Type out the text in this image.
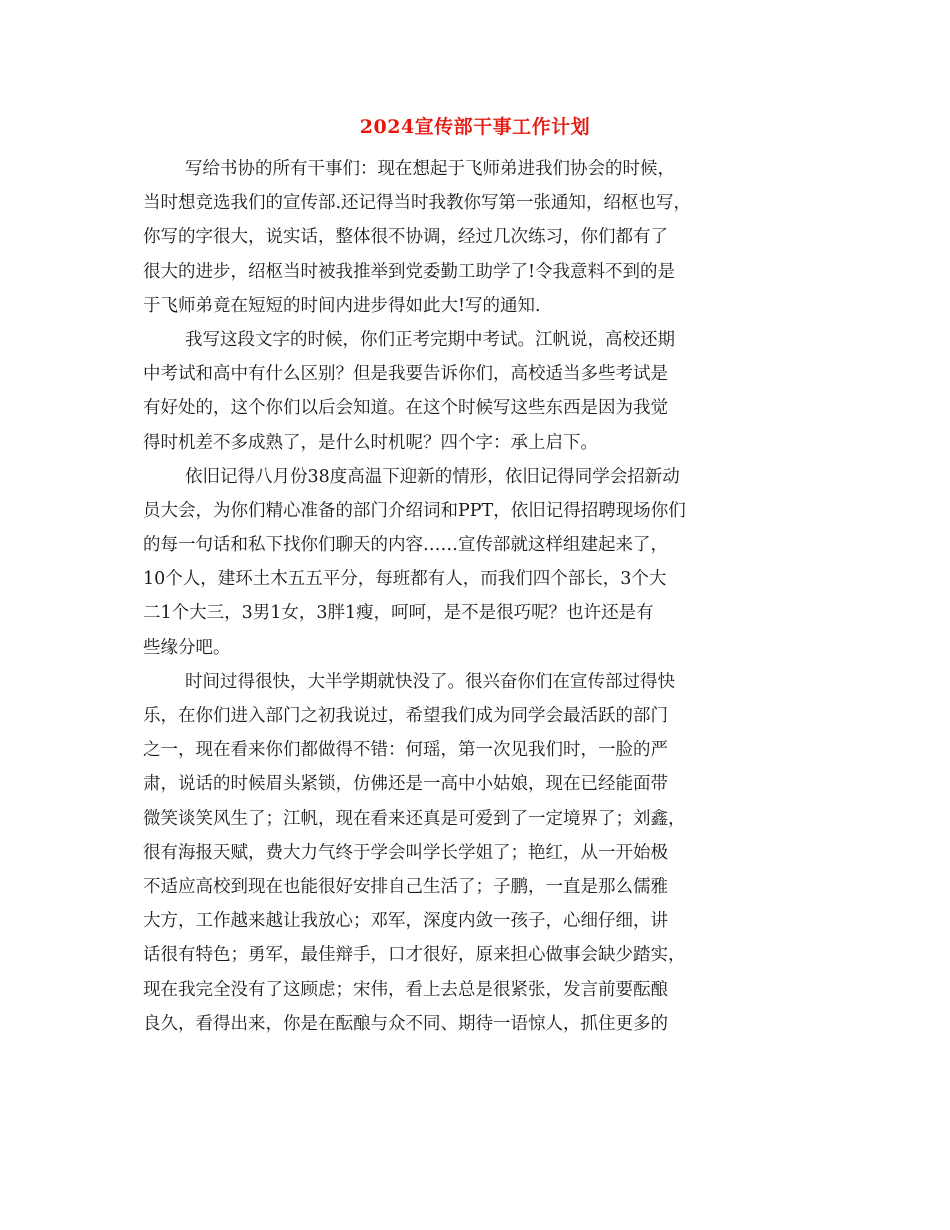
2024宣传部干事工作计划
写给书协的所有干事们：现在想起于飞师弟进我们协会的时候，
当时想竞选我们的宣传部.还记得当时我教你写第一张通知，绍枢也写，
你写的字很大，说实话，整体很不协调，经过几次练习，你们都有了
很大的进步，绍枢当时被我推举到党委勤工助学了!令我意料不到的是
于飞师弟竟在短短的时间内进步得如此大!写的通知.
我写这段文字的时候，你们正考完期中考试。江帆说，高校还期
中考试和高中有什么区别？但是我要告诉你们，高校适当多些考试是
有好处的，这个你们以后会知道。在这个时候写这些东西是因为我觉
得时机差不多成熟了，是什么时机呢？四个字：承上启下。
依旧记得八月份38度高温下迎新的情形，依旧记得同学会招新动
员大会，为你们精心准备的部门介绍词和PPT，依旧记得招聘现场你们
的每一句话和私下找你们聊天的内容……宣传部就这样组建起来了，
10个人，建环土木五五平分，每班都有人，而我们四个部长，3个大
二1个大三，3男1女，3胖1瘦，呵呵，是不是很巧呢？也许还是有
些缘分吧。
时间过得很快，大半学期就快没了。很兴奋你们在宣传部过得快
乐，在你们进入部门之初我说过，希望我们成为同学会最活跃的部门
之一，现在看来你们都做得不错：何瑶，第一次见我们时，一脸的严
肃，说话的时候眉头紧锁，仿佛还是一高中小姑娘，现在已经能面带
微笑谈笑风生了；江帆，现在看来还真是可爱到了一定境界了；刘鑫，
很有海报天赋，费大力气终于学会叫学长学姐了；艳红，从一开始极
不适应高校到现在也能很好安排自己生活了；子鹏，一直是那么儒雅
大方，工作越来越让我放心；邓军，深度内敛一孩子，心细仔细，讲
话很有特色；勇军，最佳辩手，口才很好，原来担心做事会缺少踏实，
现在我完全没有了这顾虑；宋伟，看上去总是很紧张，发言前要酝酿
良久，看得出来，你是在酝酿与众不同、期待一语惊人，抓住更多的
